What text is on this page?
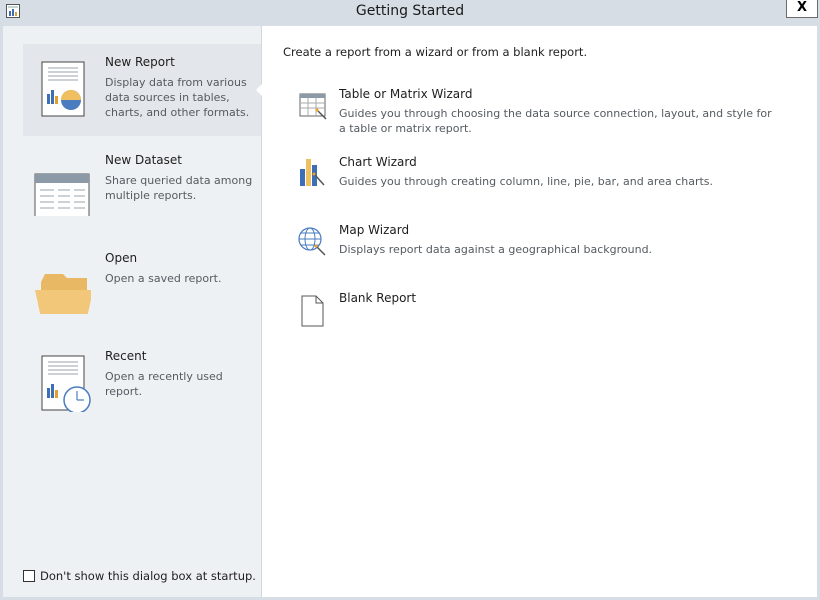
Getting Started	X
New Report
Display data from various data sources in tables, charts, and other formats.
New Dataset
Share queried data among multiple reports.
Open
Open a saved report.
Recent
Open a recently used report.
Don't show this dialog box at startup.
Create a report from a wizard or from a blank report.
Table or Matrix Wizard
Guides you through choosing the data source connection, layout, and style for a table or matrix report.
Chart Wizard
Guides you through creating column, line, pie, bar, and area charts.
Map Wizard
Displays report data against a geographical background.
Blank Report
